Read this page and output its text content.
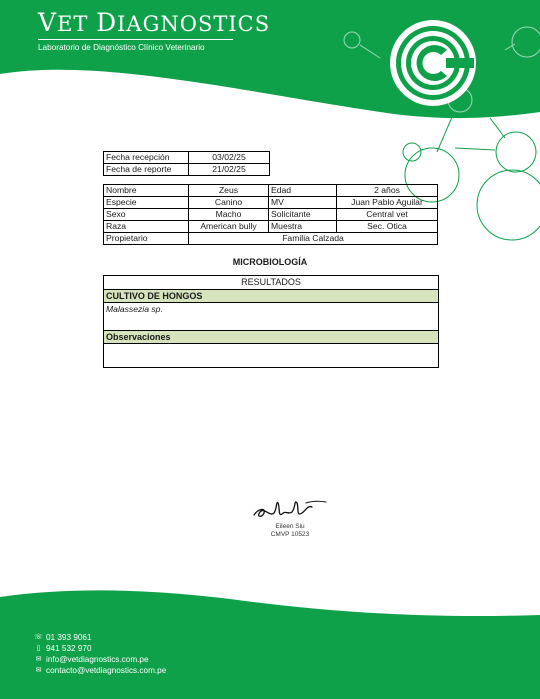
VET DIAGNOSTICS
Laboratorio de Diagnóstico Clínico Veterinario
Fecha recepción	03/02/25
Fecha de reporte	21/02/25
Nombre	Zeus	Edad	2 años
Especie	Canino	MV	Juan Pablo Aguilar
Sexo	Macho	Solicitante	Central vet
Raza	American bully	Muestra	Sec. Otica
Propietario	Familia Calzada		
MICROBIOLOGÍA
RESULTADOS
CULTIVO DE HONGOS
Malassezia sp.
Observaciones
Eileen Siu
CMVP 10523
☏ 01 393 9061
▯ 941 532 970
✉ info@vetdiagnostics.com.pe
✉ contacto@vetdiagnostics.com.pe
